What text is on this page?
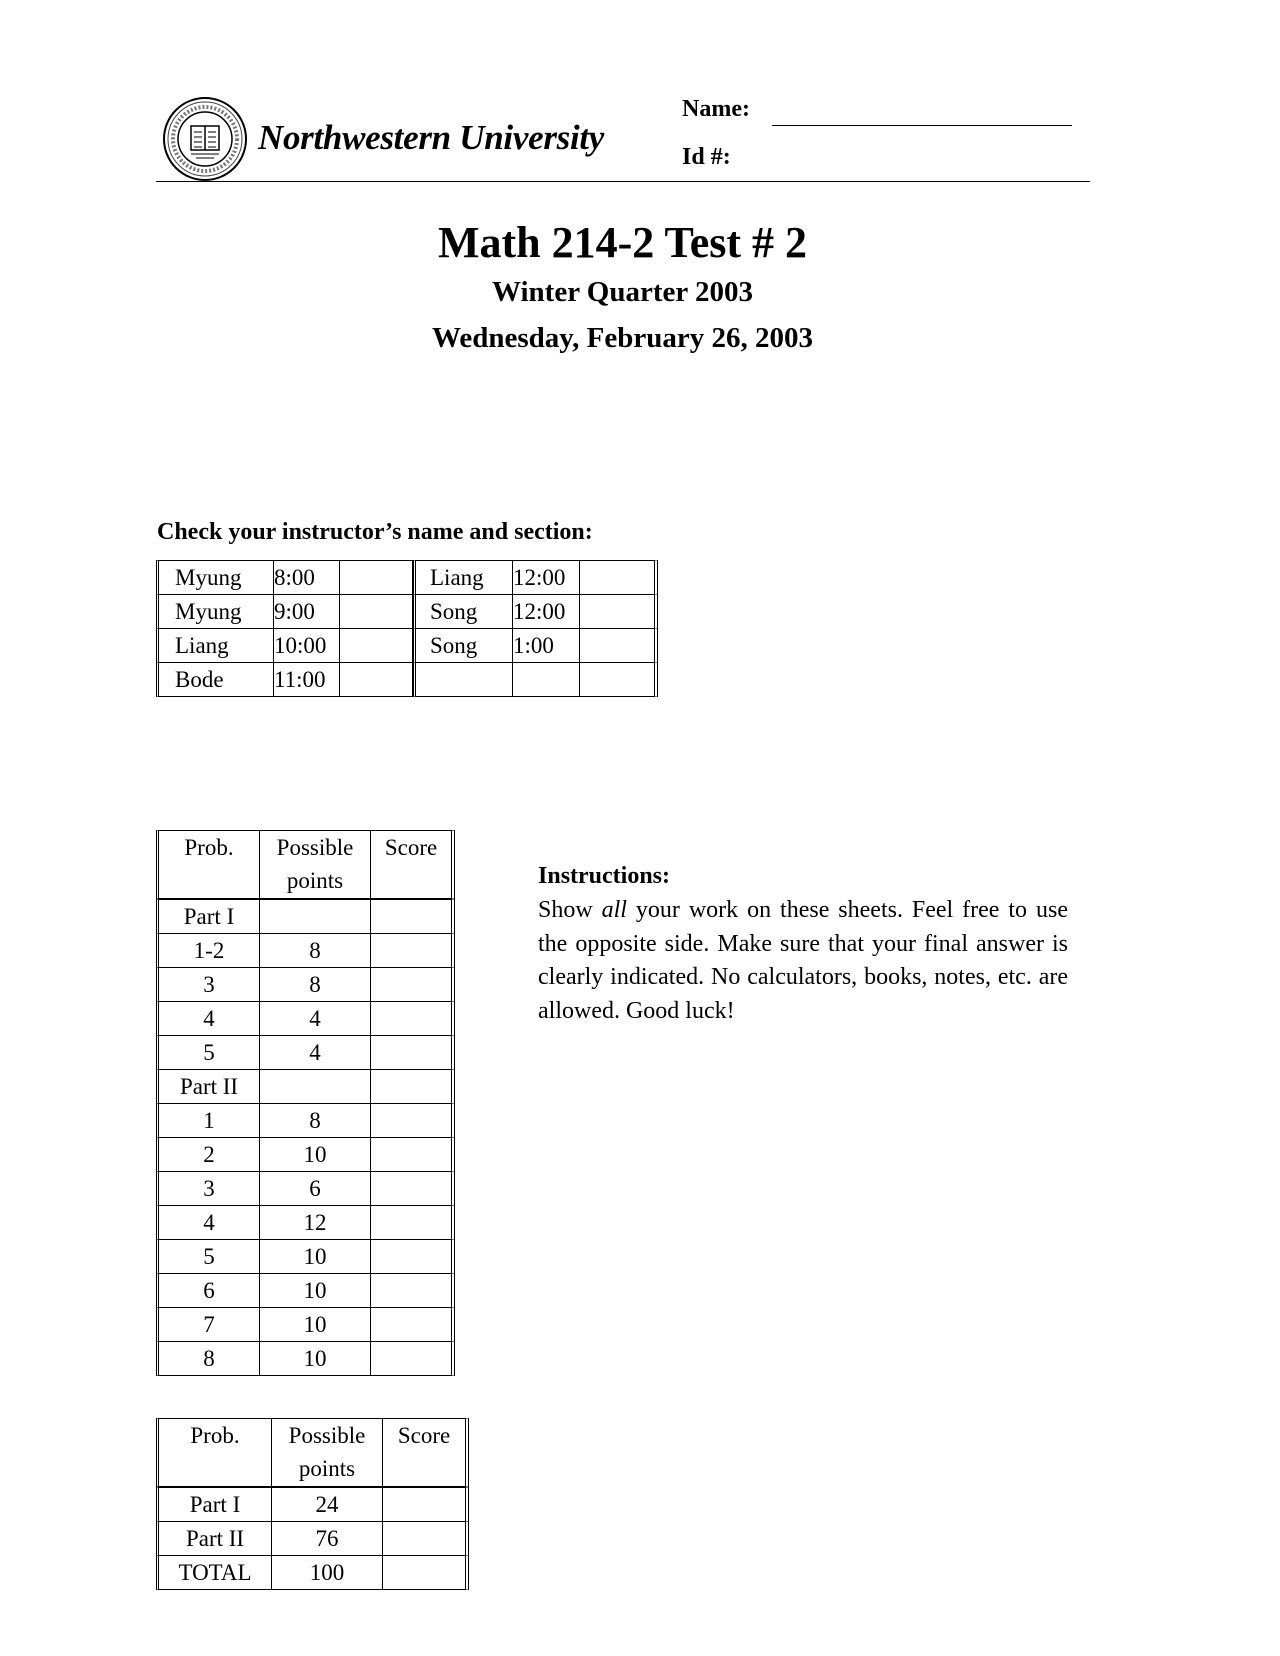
Northwestern University
Name:
Id #:
Math 214-2 Test # 2
Winter Quarter 2003
Wednesday, February 26, 2003
Check your instructor’s name and section:
Myung	8:00		Liang	12:00	
Myung	9:00		Song	12:00	
Liang	10:00		Song	1:00	
Bode	11:00				
Prob.	Possible points	Score
Part I		
1-2	8	
3	8	
4	4	
5	4	
Part II		
1	8	
2	10	
3	6	
4	12	
5	10	
6	10	
7	10	
8	10	
Prob.	Possible points	Score
Part I	24	
Part II	76	
TOTAL	100	
Instructions:
Show all your work on these sheets. Feel free to use the opposite side. Make sure that your final answer is clearly indicated. No calculators, books, notes, etc. are allowed. Good luck!
